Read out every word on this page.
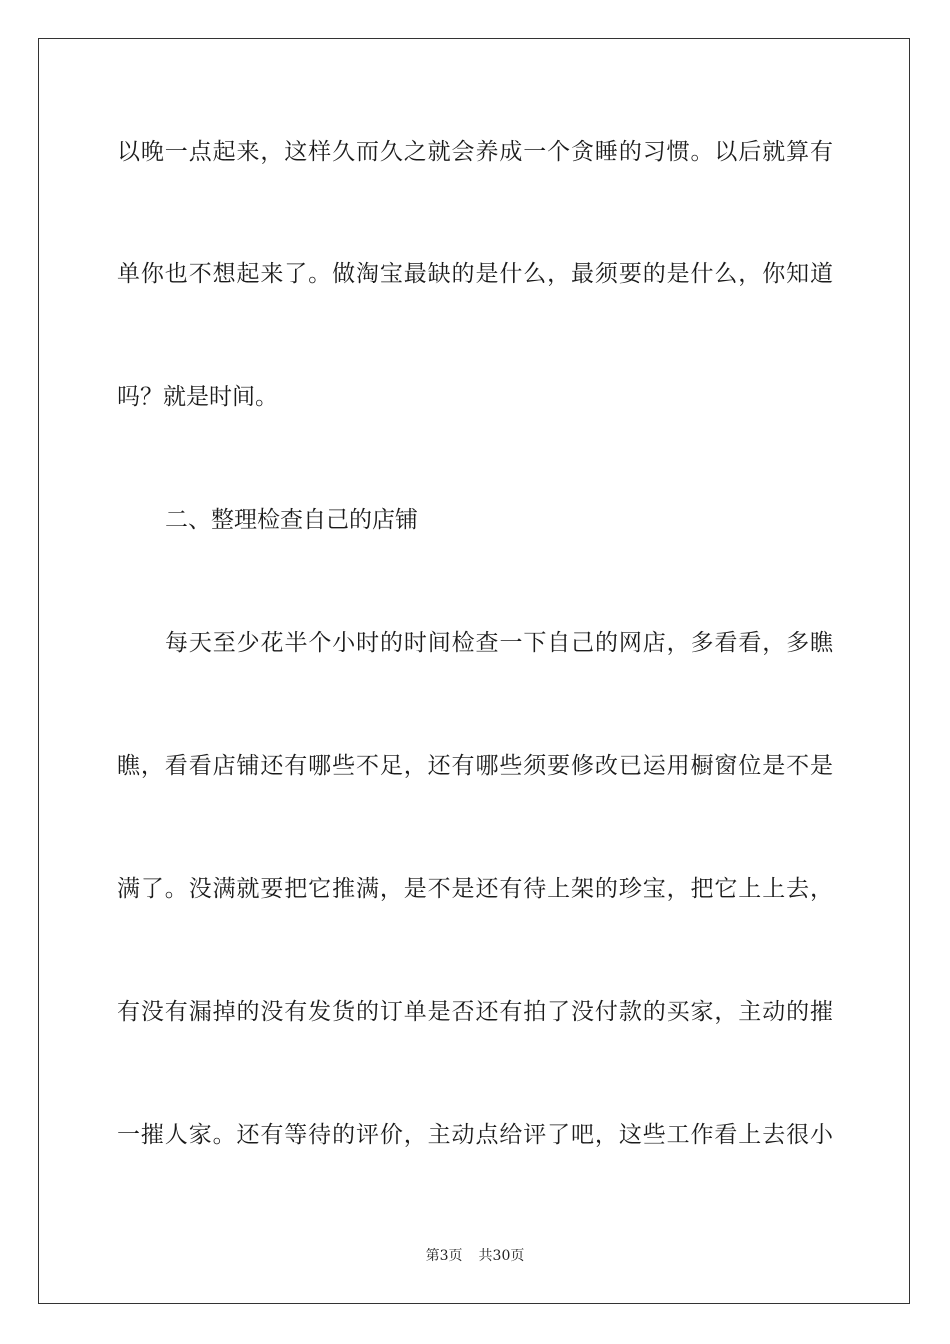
以晚一点起来，这样久而久之就会养成一个贪睡的习惯。以后就算有
单你也不想起来了。做淘宝最缺的是什么，最须要的是什么，你知道
吗？就是时间。
二、整理检查自己的店铺
每天至少花半个小时的时间检查一下自己的网店，多看看，多瞧
瞧，看看店铺还有哪些不足，还有哪些须要修改已运用橱窗位是不是
满了。没满就要把它推满，是不是还有待上架的珍宝，把它上上去，
有没有漏掉的没有发货的订单是否还有拍了没付款的买家，主动的摧
一摧人家。还有等待的评价，主动点给评了吧，这些工作看上去很小
第3页 共30页
